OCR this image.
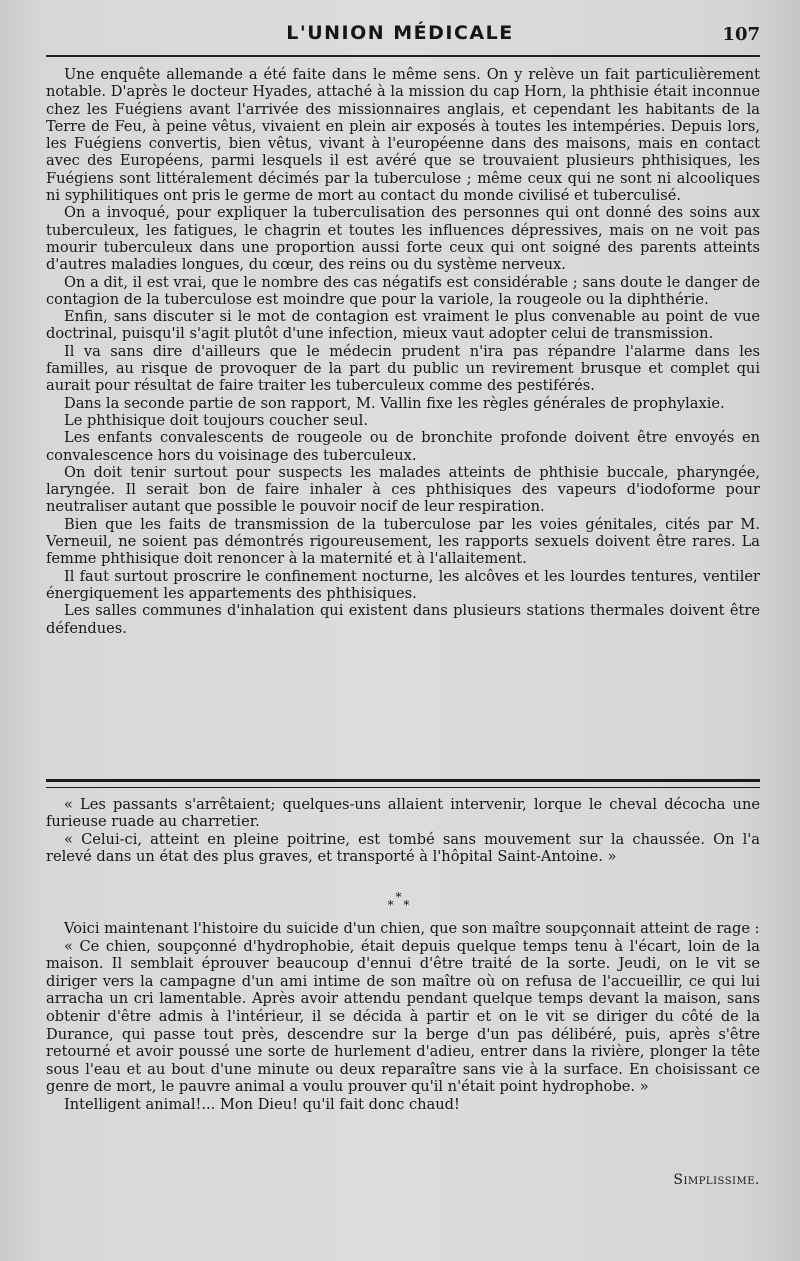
L'UNION MÉDICALE	107

Une enquête allemande a été faite dans le même sens. On y relève un fait particulièrement notable. D'après le docteur Hyades, attaché à la mission du cap Horn, la phthisie était inconnue chez les Fuégiens avant l'arrivée des missionnaires anglais, et cependant les habitants de la Terre de Feu, à peine vêtus, vivaient en plein air exposés à toutes les intempéries. Depuis lors, les Fuégiens convertis, bien vêtus, vivant à l'européenne dans des maisons, mais en contact avec des Européens, parmi lesquels il est avéré que se trouvaient plusieurs phthisiques, les Fuégiens sont littéralement décimés par la tuberculose ; même ceux qui ne sont ni alcooliques ni syphilitiques ont pris le germe de mort au contact du monde civilisé et tuberculisé.

On a invoqué, pour expliquer la tuberculisation des personnes qui ont donné des soins aux tuberculeux, les fatigues, le chagrin et toutes les influences dépressives, mais on ne voit pas mourir tuberculeux dans une proportion aussi forte ceux qui ont soigné des parents atteints d'autres maladies longues, du cœur, des reins ou du système nerveux.

On a dit, il est vrai, que le nombre des cas négatifs est considérable ; sans doute le danger de contagion de la tuberculose est moindre que pour la variole, la rougeole ou la diphthérie.

Enfin, sans discuter si le mot de contagion est vraiment le plus convenable au point de vue doctrinal, puisqu'il s'agit plutôt d'une infection, mieux vaut adopter celui de transmission.

Il va sans dire d'ailleurs que le médecin prudent n'ira pas répandre l'alarme dans les familles, au risque de provoquer de la part du public un revirement brusque et complet qui aurait pour résultat de faire traiter les tuberculeux comme des pestiférés.

Dans la seconde partie de son rapport, M. Vallin fixe les règles générales de prophylaxie.

Le phthisique doit toujours coucher seul.

Les enfants convalescents de rougeole ou de bronchite profonde doivent être envoyés en convalescence hors du voisinage des tuberculeux.

On doit tenir surtout pour suspects les malades atteints de phthisie buccale, pharyngée, laryngée. Il serait bon de faire inhaler à ces phthisiques des vapeurs d'iodoforme pour neutraliser autant que possible le pouvoir nocif de leur respiration.

Bien que les faits de transmission de la tuberculose par les voies génitales, cités par M. Verneuil, ne soient pas démontrés rigoureusement, les rapports sexuels doivent être rares. La femme phthisique doit renoncer à la maternité et à l'allaitement.

Il faut surtout proscrire le confinement nocturne, les alcôves et les lourdes tentures, ventiler énergiquement les appartements des phthisiques.

Les salles communes d'inhalation qui existent dans plusieurs stations thermales doivent être défendues.

« Les passants s'arrêtaient; quelques-uns allaient intervenir, lorque le cheval décocha une furieuse ruade au charretier.

« Celui-ci, atteint en pleine poitrine, est tombé sans mouvement sur la chaussée. On l'a relevé dans un état des plus graves, et transporté à l'hôpital Saint-Antoine. »

*
* *

Voici maintenant l'histoire du suicide d'un chien, que son maître soupçonnait atteint de rage :

« Ce chien, soupçonné d'hydrophobie, était depuis quelque temps tenu à l'écart, loin de la maison. Il semblait éprouver beaucoup d'ennui d'être traité de la sorte. Jeudi, on le vit se diriger vers la campagne d'un ami intime de son maître où on refusa de l'accueillir, ce qui lui arracha un cri lamentable. Après avoir attendu pendant quelque temps devant la maison, sans obtenir d'être admis à l'intérieur, il se décida à partir et on le vit se diriger du côté de la Durance, qui passe tout près, descendre sur la berge d'un pas délibéré, puis, après s'être retourné et avoir poussé une sorte de hurlement d'adieu, entrer dans la rivière, plonger la tête sous l'eau et au bout d'une minute ou deux reparaître sans vie à la surface. En choisissant ce genre de mort, le pauvre animal a voulu prouver qu'il n'était point hydrophobe. »

Intelligent animal!... Mon Dieu! qu'il fait donc chaud!

Simplissime.
